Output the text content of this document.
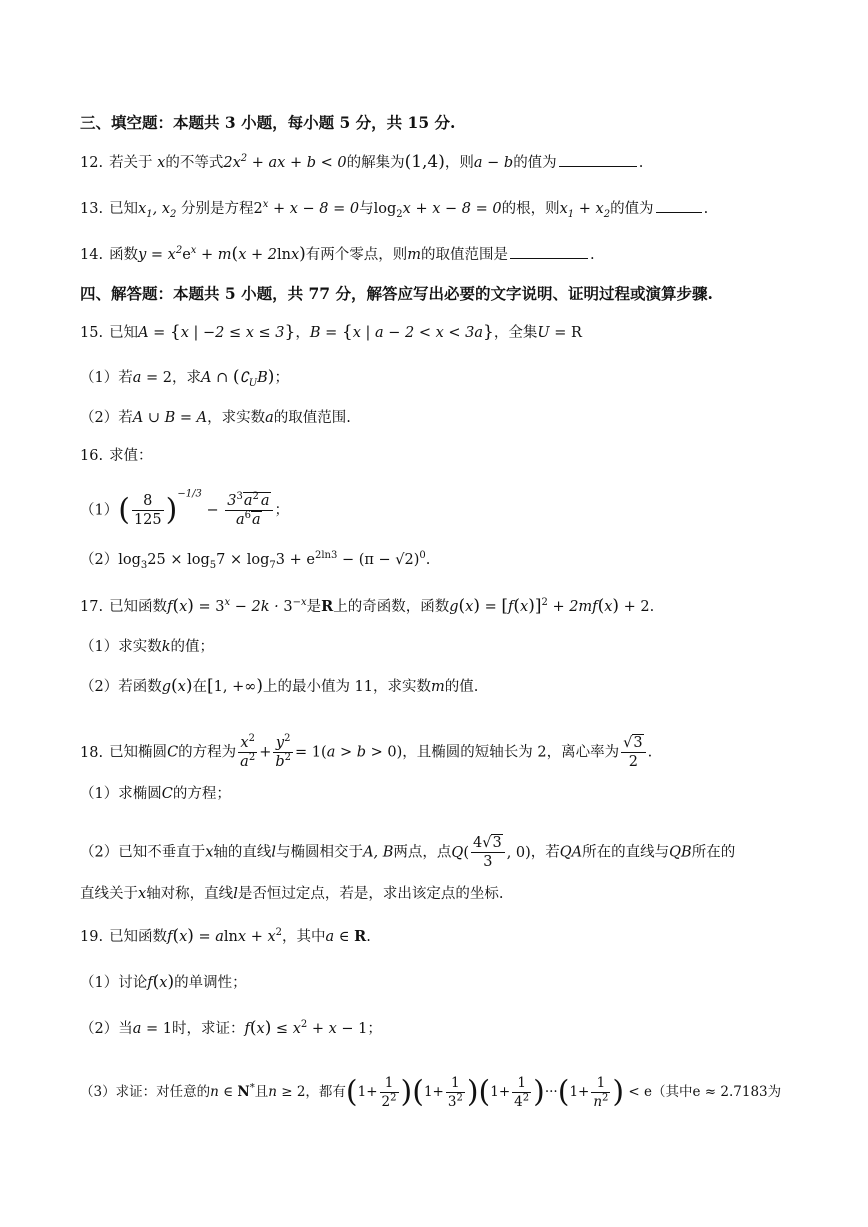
三、填空题：本题共 3 小题，每小题 5 分，共 15 分.
12. 若关于 x的不等式$2x^2$ + ax + b < 0的解集为(1,4)，则a − b的值为	.
13. 已知$x_1$, $x_2$ 分别是方程$2^x + x - 8 = 0$与$\log_2x + x - 8 = 0$的根，则$x_1 + x_2$的值为	.
14. 函数$y = x^2e^x + m(x + 2\ln x)$有两个零点，则m的取值范围是	.
四、解答题：本题共 5 小题，共 77 分，解答应写出必要的文字说明、证明过程或演算步骤.
15. 已知A = {x | −2 ≤ x ≤ 3}，B = {x | a − 2 < x < 3a}，全集U = R
（1）若a = 2，求A ∩ $(∁_UB)$；
（2）若A ∪ B = A，求实数a的取值范围.
16. 求值：
$(1)( \frac{8}{125} )^{-1/3} - \frac{3^3a^2 a}{a^6a}$ ；
$(2)\log_325 \times \log_57 \times \log_73 + e^{2ln3} - (\pi - √2)^0$.
17. 已知函数$f(x) = 3^x - 2k \cdot 3^{-x}$是R上的奇函数，函数$g(x) = [f(x)]^2 + 2mf(x) + 2$.
（1）求实数k的值；
（2）若函数g(x)在[1, +∞)上的最小值为 11，求实数m的值.
18. 已知椭圆C的方程为 $\frac{x^2}{a^2} + \frac{y^2}{b^2} = 1(a > b > 0)$，且椭圆的短轴长为 2，离心率为 $\frac{√3}{2}$ .
（1）求椭圆C的方程；
（2）已知不垂直于x轴的直线l与椭圆相交于A, B两点，点$Q( \frac{4√3}{3}$ , 0)，若QA所在的直线与QB所在的
直线关于x轴对称，直线l是否恒过定点，若是，求出该定点的坐标.
19. 已知函数$f(x) = alnx + x^2$，其中a ∈ R.
（1）讨论f(x)的单调性；
（2）当a = 1时，求证：$f(x) \le x^2 + x - 1$；
（3）求证：对任意的n ∈ N*且n ≥ 2，都有$(1+ \frac{1}{2^2} )(1+ \frac{1}{3^2} )(1+ \frac{1}{4^2} )\cdot\cdot\cdot(1+ \frac{1}{n^2}$ ) < e（其中e ≈ 2.7183为
